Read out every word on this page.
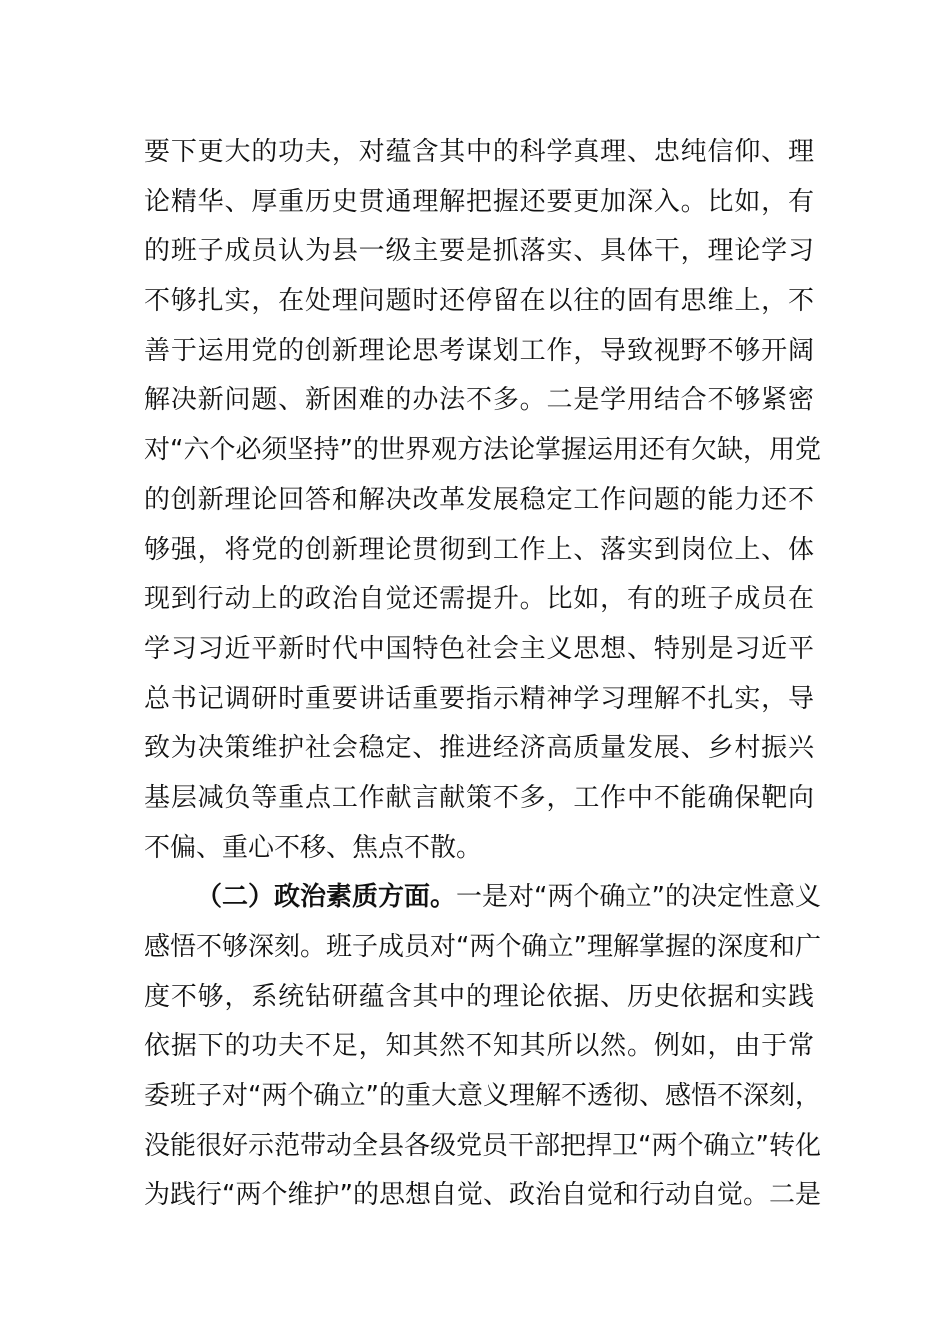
要下更大的功夫，对蕴含其中的科学真理、忠纯信仰、理
论精华、厚重历史贯通理解把握还要更加深入。比如，有
的班子成员认为县一级主要是抓落实、具体干，理论学习
不够扎实，在处理问题时还停留在以往的固有思维上，不
善于运用党的创新理论思考谋划工作，导致视野不够开阔
解决新问题、新困难的办法不多。二是学用结合不够紧密
对“六个必须坚持”的世界观方法论掌握运用还有欠缺，用党
的创新理论回答和解决改革发展稳定工作问题的能力还不
够强，将党的创新理论贯彻到工作上、落实到岗位上、体
现到行动上的政治自觉还需提升。比如，有的班子成员在
学习习近平新时代中国特色社会主义思想、特别是习近平
总书记调研时重要讲话重要指示精神学习理解不扎实，导
致为决策维护社会稳定、推进经济高质量发展、乡村振兴
基层减负等重点工作献言献策不多，工作中不能确保靶向
不偏、重心不移、焦点不散。
（二）政治素质方面。一是对“两个确立”的决定性意义
感悟不够深刻。班子成员对“两个确立”理解掌握的深度和广
度不够，系统钻研蕴含其中的理论依据、历史依据和实践
依据下的功夫不足，知其然不知其所以然。例如，由于常
委班子对“两个确立”的重大意义理解不透彻、感悟不深刻，
没能很好示范带动全县各级党员干部把捍卫“两个确立”转化
为践行“两个维护”的思想自觉、政治自觉和行动自觉。二是
